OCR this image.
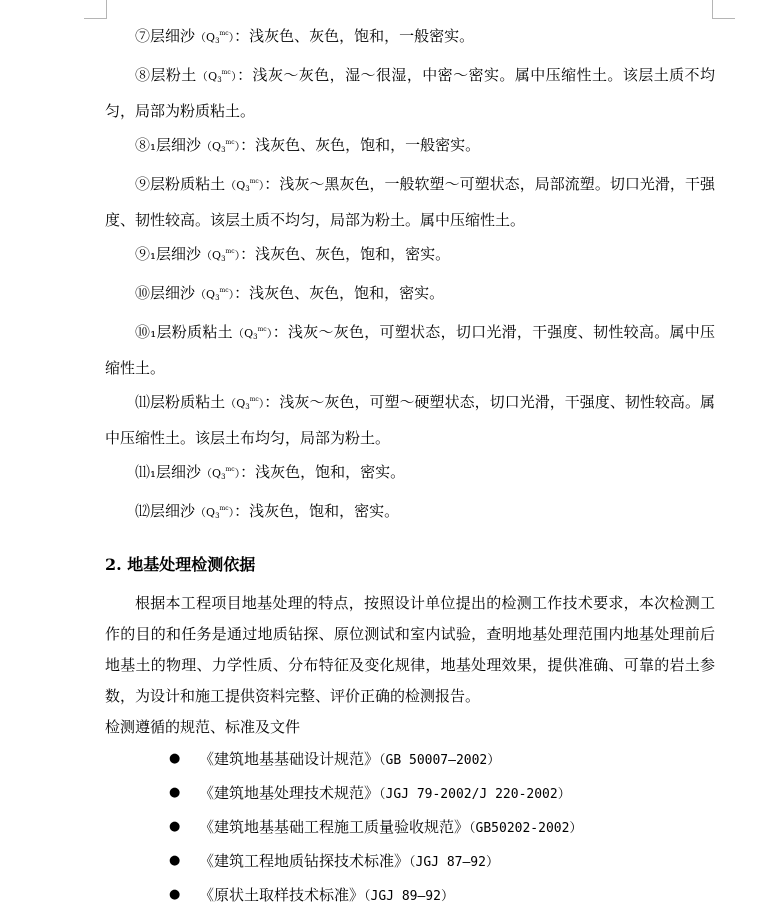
⑦层细沙$(Q_3^{mc})$：浅灰色、灰色，饱和，一般密实。

⑧层粉土$(Q_3^{mc})$：浅灰～灰色，湿～很湿，中密～密实。属中压缩性土。该层土质不均匀，局部为粉质粘土。

⑧₁层细沙$(Q_3^{mc})$：浅灰色、灰色，饱和，一般密实。

⑨层粉质粘土$(Q_3^{mc})$：浅灰～黑灰色，一般软塑～可塑状态，局部流塑。切口光滑，干强度、韧性较高。该层土质不均匀，局部为粉土。属中压缩性土。

⑨₁层细沙$(Q_3^{mc})$：浅灰色、灰色，饱和，密实。

⑩层细沙$(Q_3^{mc})$：浅灰色、灰色，饱和，密实。

⑩₁层粉质粘土$(Q_3^{mc})$：浅灰～灰色，可塑状态，切口光滑，干强度、韧性较高。属中压缩性土。

⑾层粉质粘土$(Q_3^{mc})$：浅灰～灰色，可塑～硬塑状态，切口光滑，干强度、韧性较高。属中压缩性土。该层土布均匀，局部为粉土。

⑾₁层细沙$(Q_3^{mc})$：浅灰色，饱和，密实。

⑿层细沙$(Q_3^{mc})$：浅灰色，饱和，密实。

2. 地基处理检测依据

根据本工程项目地基处理的特点，按照设计单位提出的检测工作技术要求，本次检测工作的目的和任务是通过地质钻探、原位测试和室内试验，查明地基处理范围内地基处理前后地基土的物理、力学性质、分布特征及变化规律，地基处理效果，提供准确、可靠的岩土参数，为设计和施工提供资料完整、评价正确的检测报告。

检测遵循的规范、标准及文件

● 《建筑地基基础设计规范》（GB 50007—2002）
● 《建筑地基处理技术规范》（JGJ 79-2002/J 220-2002）
● 《建筑地基基础工程施工质量验收规范》（GB50202-2002）
● 《建筑工程地质钻探技术标准》（JGJ 87—92）
● 《原状土取样技术标准》（JGJ 89—92）
